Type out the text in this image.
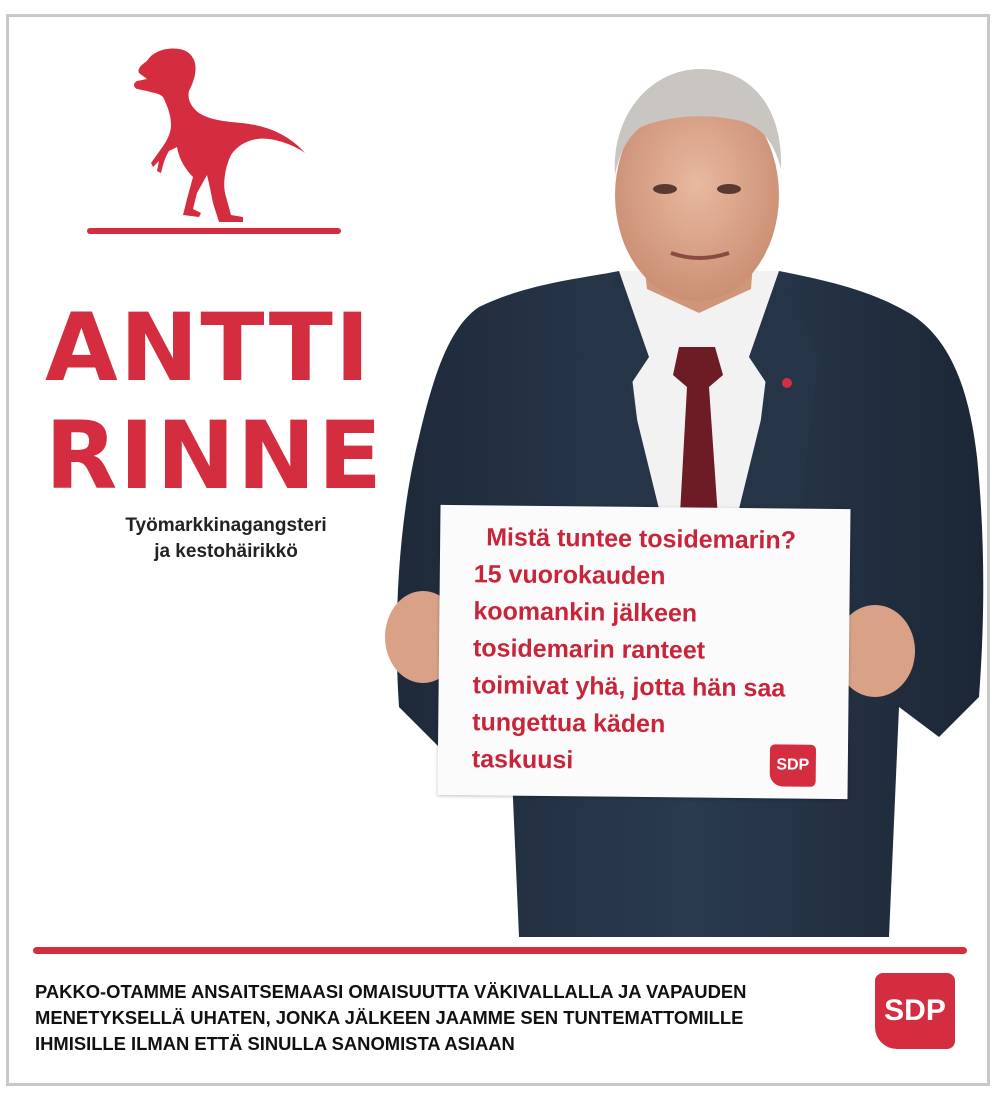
ANTTI
RINNE
Työmarkkinagangsteri
ja kestohäirikkö	Mistä tuntee tosidemarin?
15 vuorokauden
koomankin jälkeen
tosidemarin ranteet
toimivat yhä, jotta hän saa
tungettua käden
taskuusi	SDP
PAKKO-OTAMME ANSAITSEMAASI OMAISUUTTA VÄKIVALLALLA JA VAPAUDEN
MENETYKSELLÄ UHATEN, JONKA JÄLKEEN JAAMME SEN TUNTEMATTOMILLE
IHMISILLE ILMAN ETTÄ SINULLA SANOMISTA ASIAAN
SDP
